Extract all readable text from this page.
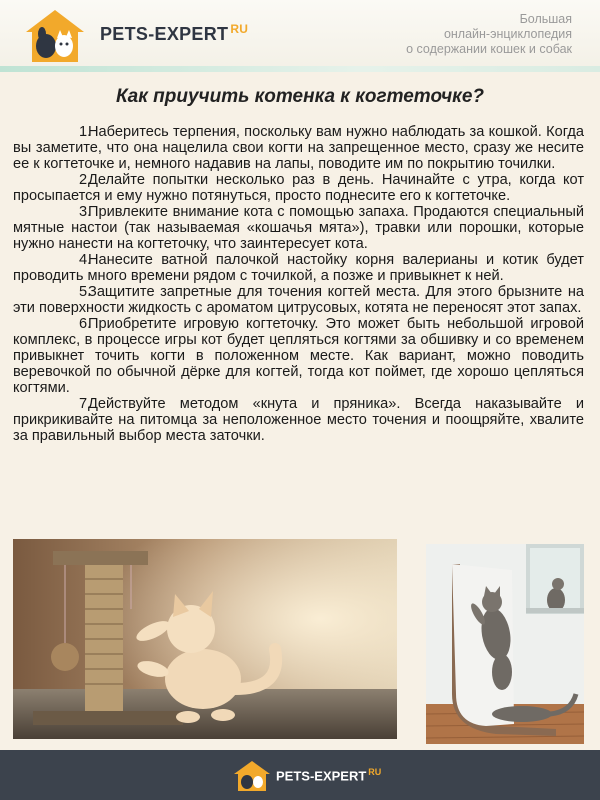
PETS-EXPERT $^{RU}$
Большая
онлайн-энциклопедия
о содержании кошек и собак
Как приучить котенка к когтеточке?

1.Наберитесь терпения, поскольку вам нужно наблюдать за кошкой. Когда вы заметите, что она нацелила свои когти на запрещенное место, сразу же несите ее к когтеточке и, немного надавив на лапы, поводите им по покрытию точилки.

2.Делайте попытки несколько раз в день. Начинайте с утра, когда кот просыпается и ему нужно потянуться, просто поднесите его к когтеточке.

3.Привлеките внимание кота с помощью запаха. Продаются специальный мятные настои (так называемая «кошачья мята»), травки или порошки, которые нужно нанести на когтеточку, что заинтересует кота.

4.Нанесите ватной палочкой настойку корня валерианы и котик будет проводить много времени рядом с точилкой, а позже и привыкнет к ней.

5.Защитите запретные для точения когтей места. Для этого брызните на эти поверхности жидкость с ароматом цитрусовых, котята не переносят этот запах.

6.Приобретите игровую когтеточку. Это может быть небольшой игровой комплекс, в процессе игры кот будет цепляться когтями за обшивку и со временем привыкнет точить когти в положенном месте. Как вариант, можно поводить веревочкой по обычной дёрке для когтей, тогда кот поймет, где хорошо цепляться когтями.

7.Действуйте методом «кнута и пряника». Всегда наказывайте и прикрикивайте на питомца за неположенное место точения и поощряйте, хвалите за правильный выбор места заточки.

PETS-EXPERT $^{RU}$
